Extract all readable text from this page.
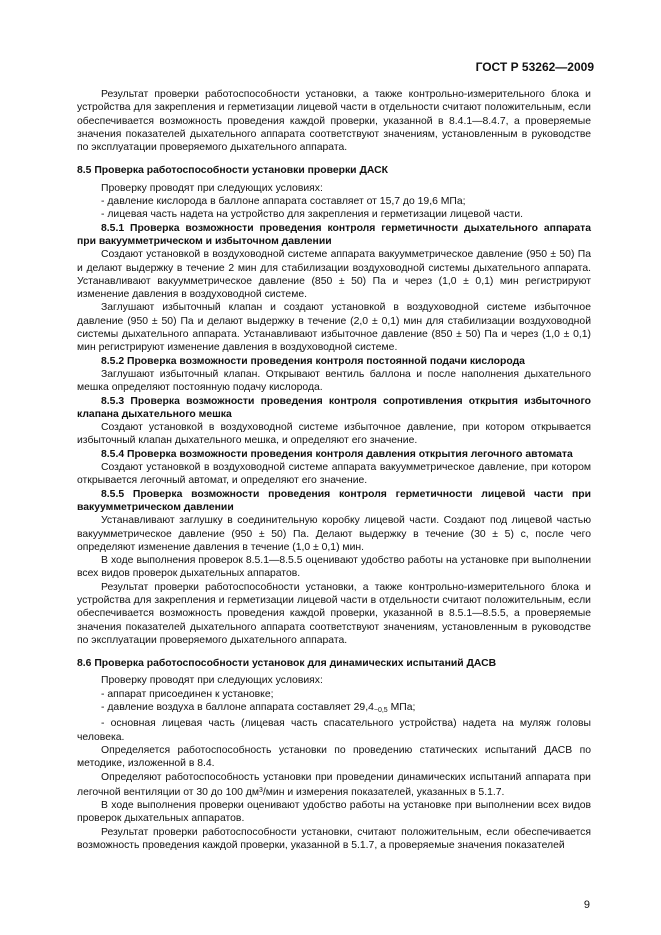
ГОСТ Р 53262—2009

Результат проверки работоспособности установки, а также контрольно-измерительного блока и устройства для закрепления и герметизации лицевой части в отдельности считают положительным, если обеспечивается возможность проведения каждой проверки, указанной в 8.4.1—8.4.7, а проверяемые значения показателей дыхательного аппарата соответствуют значениям, установленным в руководстве по эксплуатации проверяемого дыхательного аппарата.

8.5 Проверка работоспособности установки проверки ДАСК

Проверку проводят при следующих условиях:

- давление кислорода в баллоне аппарата составляет от 15,7 до 19,6 МПа;

- лицевая часть надета на устройство для закрепления и герметизации лицевой части.

8.5.1 Проверка возможности проведения контроля герметичности дыхательного аппарата при вакуумметрическом и избыточном давлении

Создают установкой в воздуховодной системе аппарата вакуумметрическое давление (950 ± 50) Па и делают выдержку в течение 2 мин для стабилизации воздуховодной системы дыхательного аппарата. Устанавливают вакуумметрическое давление (850 ± 50) Па и через (1,0 ± 0,1) мин регистрируют изменение давления в воздуховодной системе.

Заглушают избыточный клапан и создают установкой в воздуховодной системе избыточное давление (950 ± 50) Па и делают выдержку в течение (2,0 ± 0,1) мин для стабилизации воздуховодной системы дыхательного аппарата. Устанавливают избыточное давление (850 ± 50) Па и через (1,0 ± 0,1) мин регистрируют изменение давления в воздуховодной системе.

8.5.2 Проверка возможности проведения контроля постоянной подачи кислорода

Заглушают избыточный клапан. Открывают вентиль баллона и после наполнения дыхательного мешка определяют постоянную подачу кислорода.

8.5.3 Проверка возможности проведения контроля сопротивления открытия избыточного клапана дыхательного мешка

Создают установкой в воздуховодной системе избыточное давление, при котором открывается избыточный клапан дыхательного мешка, и определяют его значение.

8.5.4 Проверка возможности проведения контроля давления открытия легочного автомата

Создают установкой в воздуховодной системе аппарата вакуумметрическое давление, при котором открывается легочный автомат, и определяют его значение.

8.5.5 Проверка возможности проведения контроля герметичности лицевой части при вакуумметрическом давлении

Устанавливают заглушку в соединительную коробку лицевой части. Создают под лицевой частью вакуумметрическое давление (950 ± 50) Па. Делают выдержку в течение (30 ± 5) с, после чего определяют изменение давления в течение (1,0 ± 0,1) мин.

В ходе выполнения проверок 8.5.1—8.5.5 оценивают удобство работы на установке при выполнении всех видов проверок дыхательных аппаратов.

Результат проверки работоспособности установки, а также контрольно-измерительного блока и устройства для закрепления и герметизации лицевой части в отдельности считают положительным, если обеспечивается возможность проведения каждой проверки, указанной в 8.5.1—8.5.5, а проверяемые значения показателей дыхательного аппарата соответствуют значениям, установленным в руководстве по эксплуатации проверяемого дыхательного аппарата.

8.6 Проверка работоспособности установок для динамических испытаний ДАСВ

Проверку проводят при следующих условиях:

- аппарат присоединен к установке;

- давление воздуха в баллоне аппарата составляет $29,4_{-0,5}$ МПа;

- основная лицевая часть (лицевая часть спасательного устройства) надета на муляж головы человека.

Определяется работоспособность установки по проведению статических испытаний ДАСВ по методике, изложенной в 8.4.

Определяют работоспособность установки при проведении динамических испытаний аппарата при легочной вентиляции от 30 до 100 $дм^3$/мин и измерения показателей, указанных в 5.1.7.

В ходе выполнения проверки оценивают удобство работы на установке при выполнении всех видов проверок дыхательных аппаратов.

Результат проверки работоспособности установки, считают положительным, если обеспечивается возможность проведения каждой проверки, указанной в 5.1.7, а проверяемые значения показателей

9
